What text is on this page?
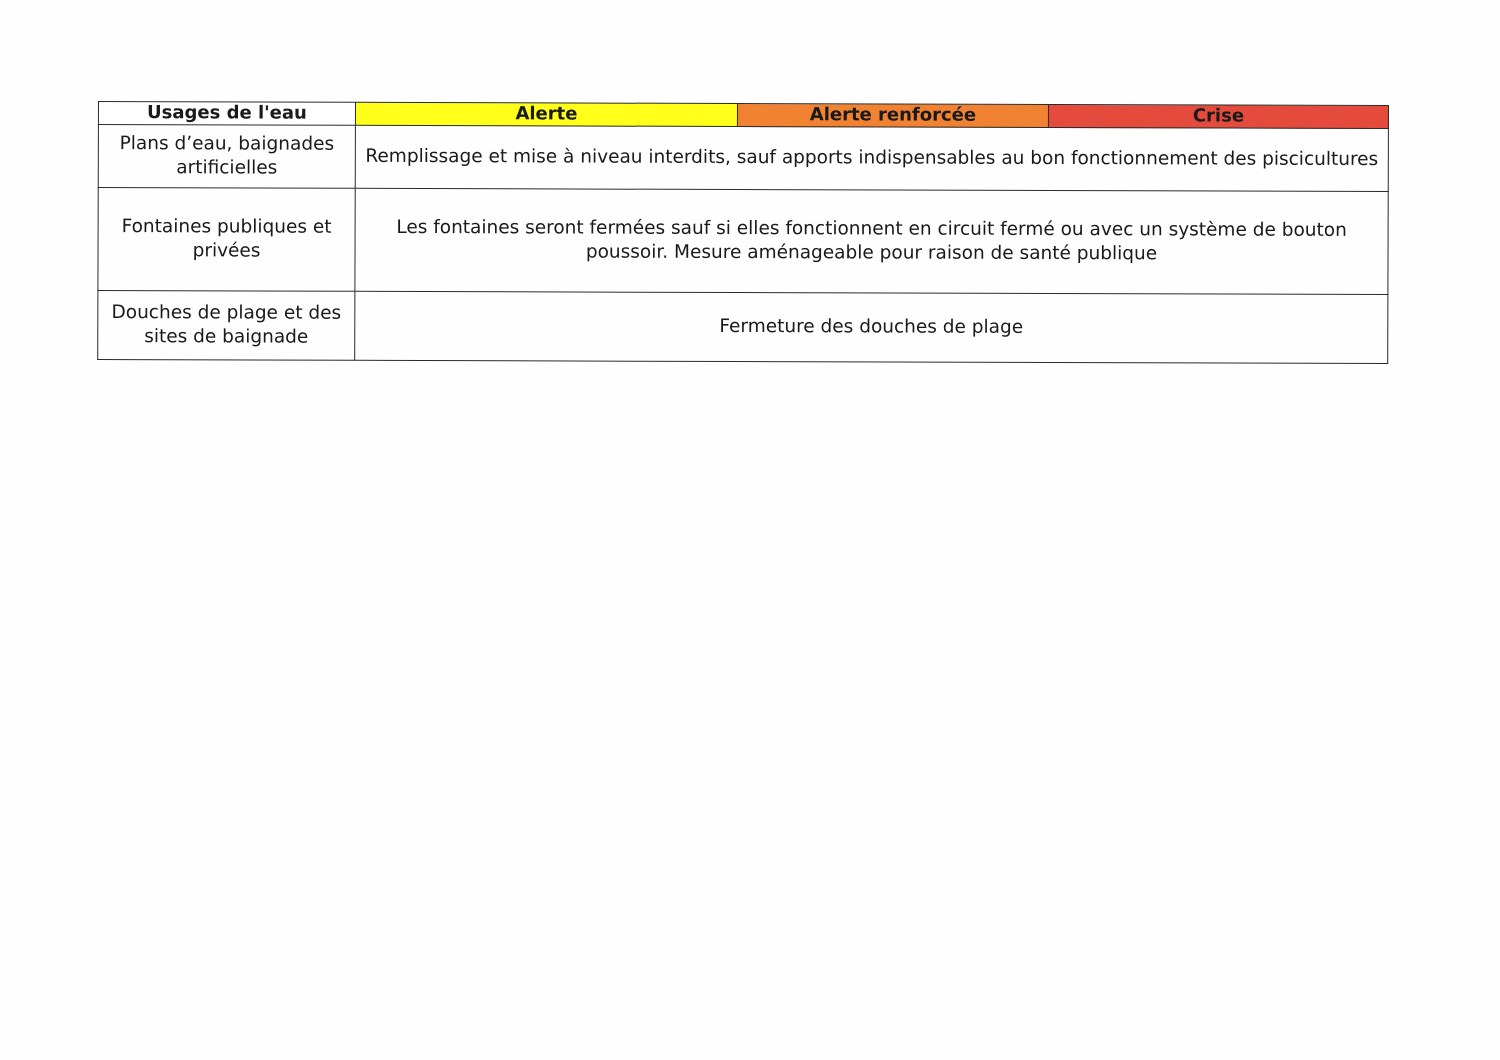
Usages de l'eau	Alerte	Alerte renforcée	Crise
Plans d’eau, baignades artificielles	Remplissage et mise à niveau interdits, sauf apports indispensables au bon fonctionnement des piscicultures		
Fontaines publiques et privées	Les fontaines seront fermées sauf si elles fonctionnent en circuit fermé ou avec un système de bouton poussoir. Mesure aménageable pour raison de santé publique		
Douches de plage et des sites de baignade	Fermeture des douches de plage		
